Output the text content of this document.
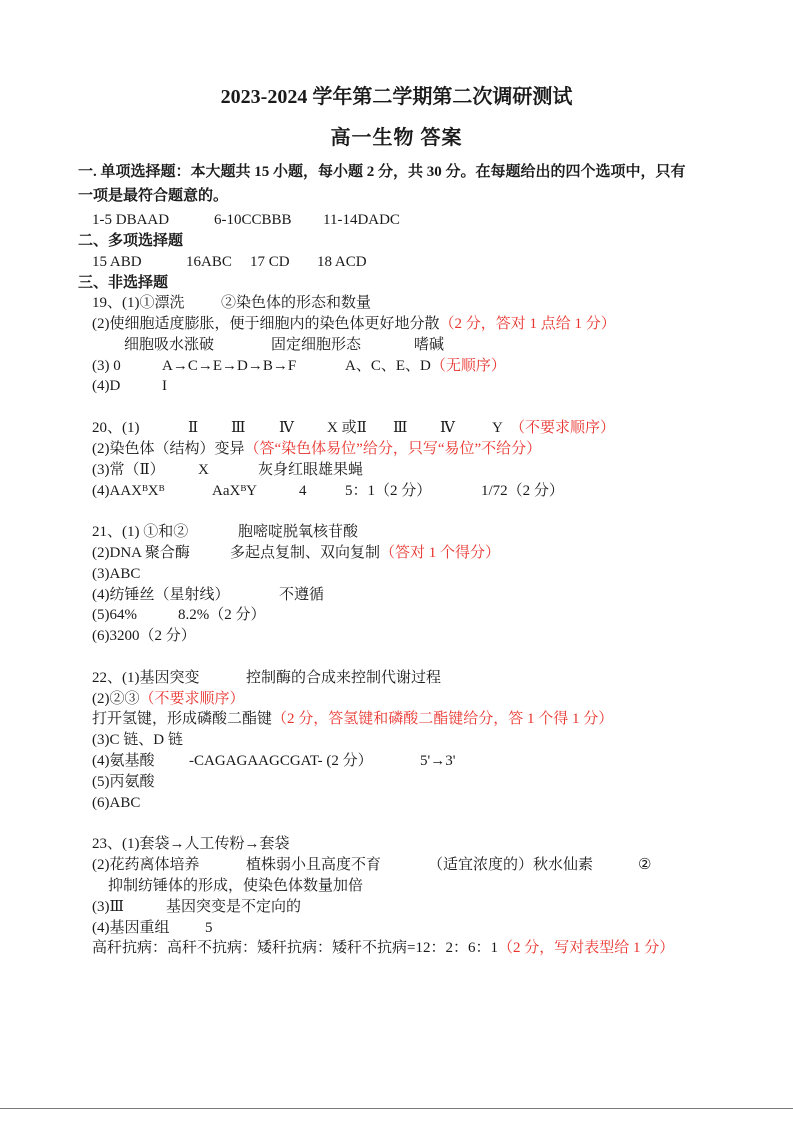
2023-2024 学年第二学期第二次调研测试
高一生物 答案
一. 单项选择题：本大题共 15 小题，每小题 2 分，共 30 分。在每题给出的四个选项中，只有
一项是最符合题意的。
1-5 DBAAD	6-10CCBBB 11-14DADC
二、多项选择题
15 ABD	16ABC 17 CD 18 ACD
三、非选择题
19、(1)①漂洗 ②染色体的形态和数量
(2)使细胞适度膨胀，便于细胞内的染色体更好地分散（2 分，答对 1 点给 1 分）
细胞吸水涨破	固定细胞形态	嗜碱
(3) 0	A→C→E→D→B→F	A、C、E、D（无顺序）
(4)D	I
20、(1)	Ⅱ Ⅲ Ⅳ X 或Ⅱ Ⅲ Ⅳ Y （不要求顺序）
(2)染色体（结构）变异（答“染色体易位”给分，只写“易位”不给分）
(3)常（Ⅱ） X	灰身红眼雄果蝇
(4)AAXᴮXᴮ	AaXᴮY	4	5：1（2 分）	1/72（2 分）
21、(1) ①和②	胞嘧啶脱氧核苷酸
(2)DNA 聚合酶	多起点复制、双向复制（答对 1 个得分）
(3)ABC
(4)纺锤丝（星射线）	不遵循
(5)64%	8.2%（2 分）
(6)3200（2 分）
22、(1)基因突变	控制酶的合成来控制代谢过程
(2)②③（不要求顺序）
打开氢键，形成磷酸二酯键（2 分，答氢键和磷酸二酯键给分，答 1 个得 1 分）
(3)C 链、D 链
(4)氨基酸 -CAGAGAAGCGAT- (2 分）	5'→3'
(5)丙氨酸
(6)ABC
23、(1)套袋→人工传粉→套袋
(2)花药离体培养	植株弱小且高度不育	（适宜浓度的）秋水仙素	②
抑制纺锤体的形成，使染色体数量加倍
(3)Ⅲ	基因突变是不定向的
(4)基因重组 5
高秆抗病：高秆不抗病：矮秆抗病：矮秆不抗病=12：2：6：1（2 分，写对表型给 1 分）
